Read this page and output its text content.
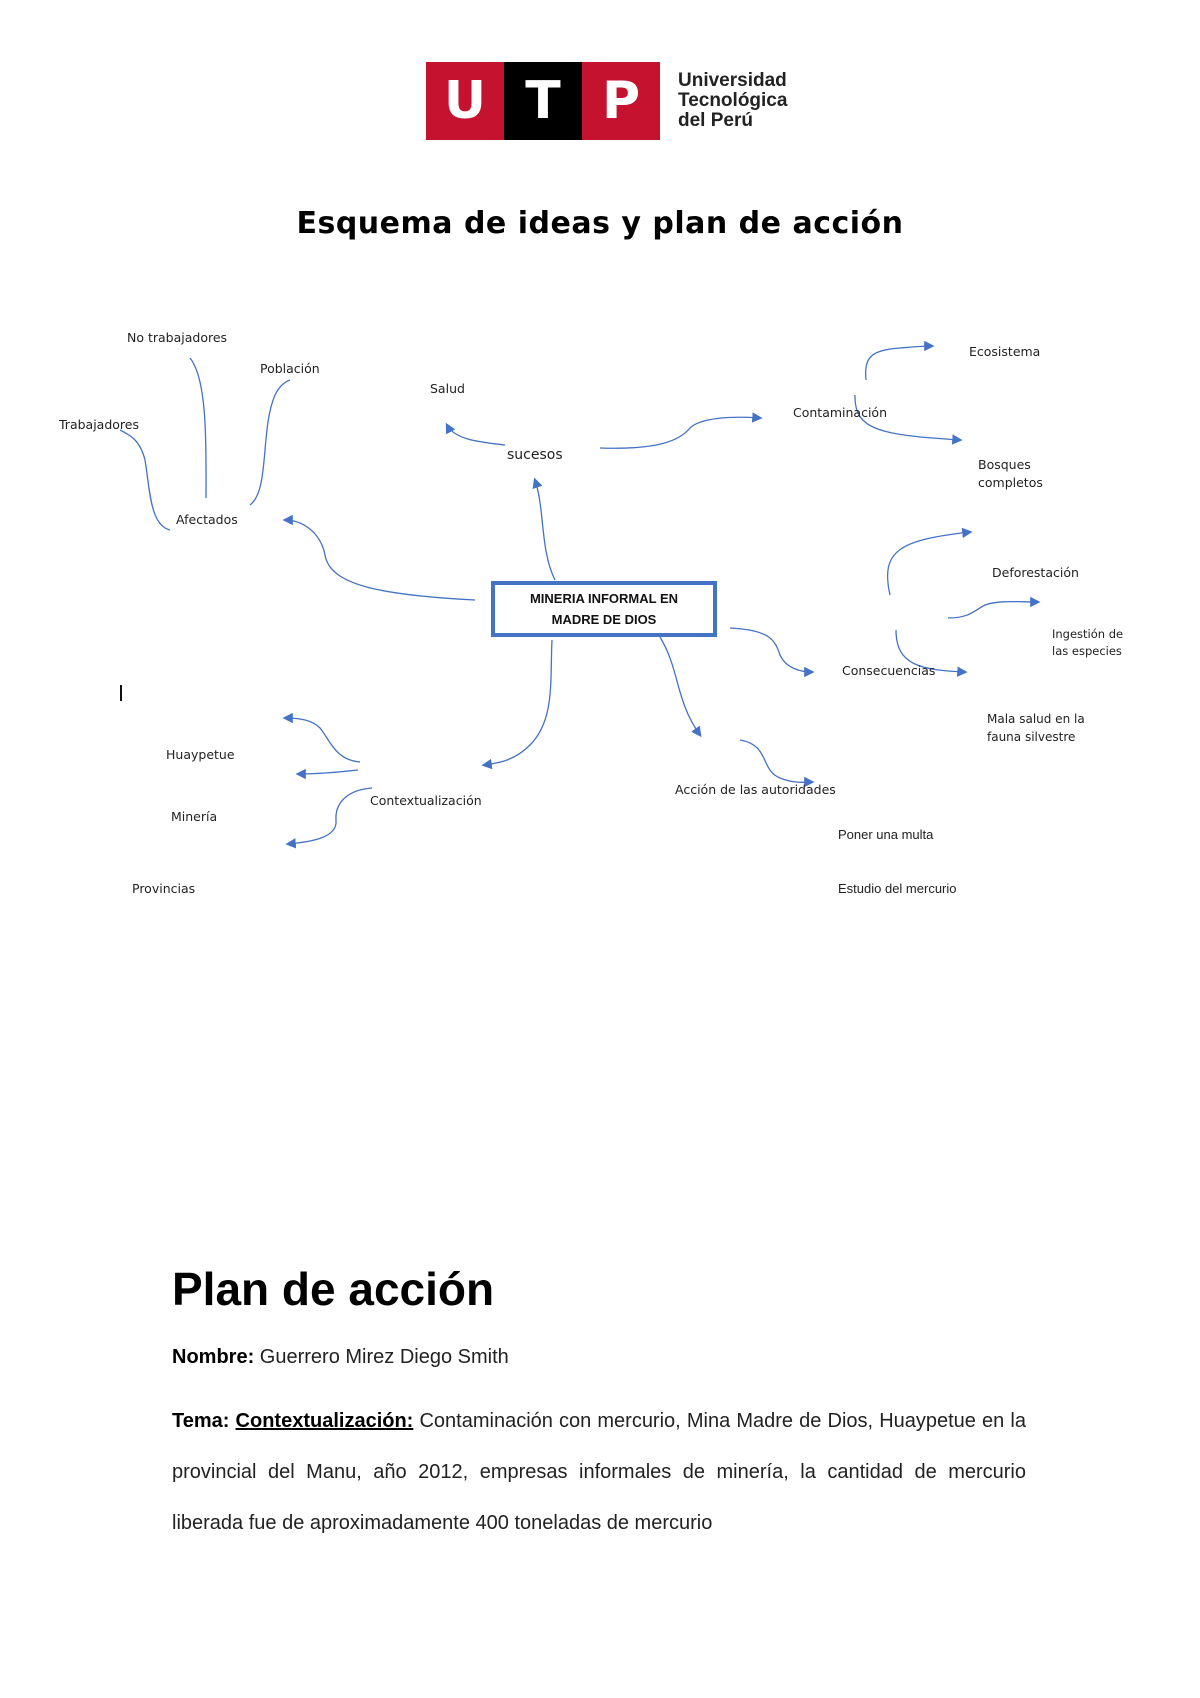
U T P	Universidad
Tecnológica
del Perú
Esquema de ideas y plan de acción
MINERIA INFORMAL EN
MADRE DE DIOS
No trabajadores
Población
Trabajadores
Afectados
Salud
sucesos
Contaminación
Ecosistema
Bosques
completos
Deforestación
Ingestión de
las especies
Consecuencias
Mala salud en la
fauna silvestre
Huaypetue
Minería
Provincias
Contextualización
Acción de las autoridades
Poner una multa
Estudio del mercurio
Plan de acción
Nombre: Guerrero Mirez Diego Smith
Tema: Contextualización: Contaminación con mercurio, Mina Madre de Dios, Huaypetue en la provincial del Manu, año 2012, empresas informales de minería, la cantidad de mercurio liberada fue de aproximadamente 400 toneladas de mercurio
